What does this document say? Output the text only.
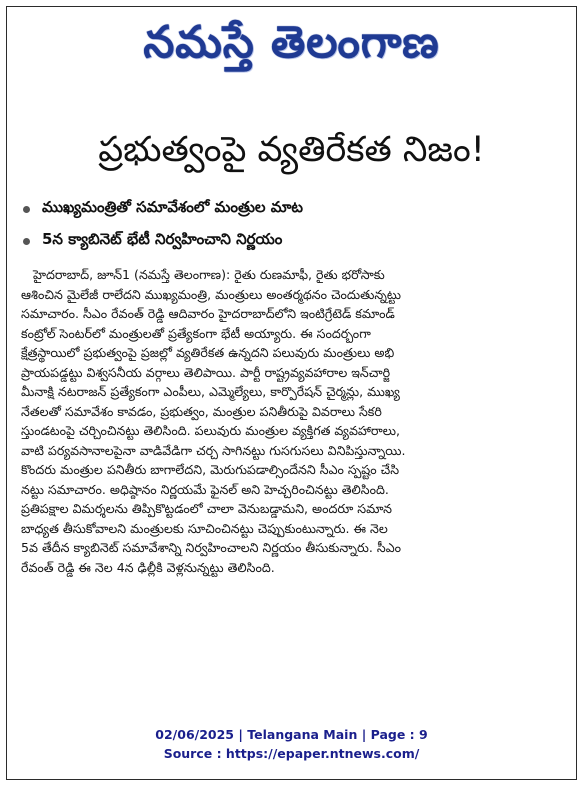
నమస్తే తెలంగాణ
ప్రభుత్వంపై వ్యతిరేకత నిజం!
ముఖ్యమంత్రితో సమావేశంలో మంత్రుల మాట
5న క్యాబినెట్ భేటీ నిర్వహించాని నిర్ణయం
హైదరాబాద్, జూన్1 (నమస్తే తెలంగాణ): రైతు రుణమాఫీ, రైతు భరోసాకు
ఆశించిన మైలేజీ రాలేదని ముఖ్యమంత్రి, మంత్రులు అంతర్మథనం చెందుతున్నట్టు
సమాచారం. సీఎం రేవంత్ రెడ్డి ఆదివారం హైదరాబాద్‌లోని ఇంటిగ్రేటెడ్ కమాండ్
కంట్రోల్ సెంటర్‌లో మంత్రులతో ప్రత్యేకంగా భేటీ అయ్యారు. ఈ సందర్భంగా
క్షేత్రస్థాయిలో ప్రభుత్వంపై ప్రజల్లో వ్యతిరేకత ఉన్నదని పలువురు మంత్రులు అభి
ప్రాయపడ్డట్టు విశ్వసనీయ వర్గాలు తెలిపాయి. పార్టీ రాష్ట్రవ్యవహారాల ఇన్‌చార్జి
మీనాక్షి నటరాజన్ ప్రత్యేకంగా ఎంపీలు, ఎమ్మెల్యేలు, కార్పొరేషన్ చైర్మన్లు, ముఖ్య
నేతలతో సమావేశం కావడం, ప్రభుత్వం, మంత్రుల పనితీరుపై వివరాలు సేకరి
స్తుండటంపై చర్చించినట్టు తెలిసింది. పలువురు మంత్రుల వ్యక్తిగత వ్యవహారాలు,
వాటి పర్యవసానాలపైనా వాడివేడిగా చర్చ సాగినట్టు గుసగుసలు వినిపిస్తున్నాయి.
కొందరు మంత్రుల పనితీరు బాగాలేదని, మెరుగుపడాల్సిందేనని సీఎం స్పష్టం చేసి
నట్టు సమాచారం. అధిష్ఠానం నిర్ణయమే ఫైనల్ అని హెచ్చరించినట్టు తెలిసింది.
ప్రతిపక్షాల విమర్శలను తిప్పికొట్టడంలో చాలా వెనుబడ్డామని, అందరూ సమాన
బాధ్యత తీసుకోవాలని మంత్రులకు సూచించినట్టు చెప్పుకుంటున్నారు. ఈ నెల
5వ తేదీన క్యాబినెట్ సమావేశాన్ని నిర్వహించాలని నిర్ణయం తీసుకున్నారు. సీఎం
రేవంత్ రెడ్డి ఈ నెల 4న ఢిల్లీకి వెళ్లనున్నట్టు తెలిసింది.
02/06/2025 | Telangana Main | Page : 9
Source : https://epaper.ntnews.com/
